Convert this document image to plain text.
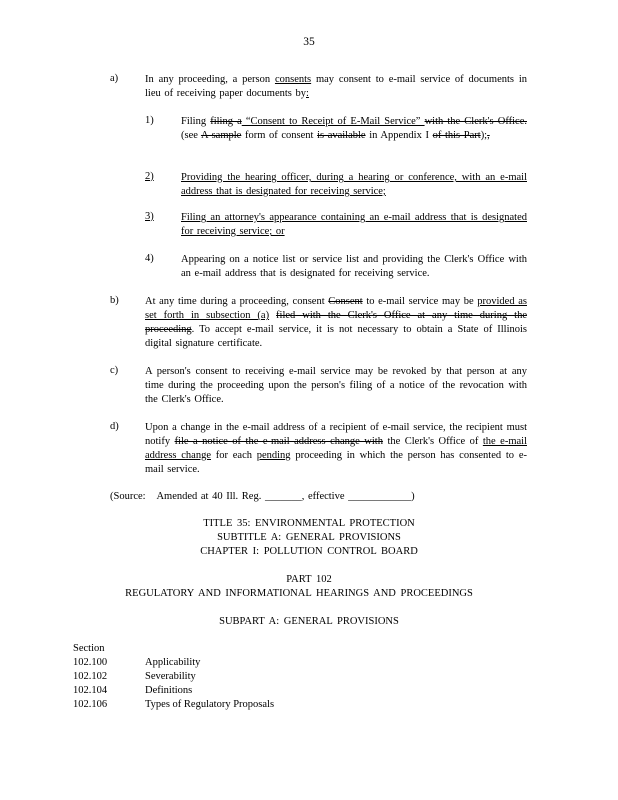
35
a)	In any proceeding, a person consents may consent to e-mail service of documents in lieu of receiving paper documents by:
1)	Filing filing a “Consent to Receipt of E-Mail Service” with the Clerk's Office. (see A sample form of consent is available in Appendix I of this Part);,
2)	Providing the hearing officer, during a hearing or conference, with an e-mail address that is designated for receiving service;
3)	Filing an attorney's appearance containing an e-mail address that is designated for receiving service; or
4)	Appearing on a notice list or service list and providing the Clerk's Office with an e-mail address that is designated for receiving service.
b)	At any time during a proceeding, consent Consent to e-mail service may be provided as set forth in subsection (a) filed with the Clerk's Office at any time during the proceeding. To accept e-mail service, it is not necessary to obtain a State of Illinois digital signature certificate.
c)	A person's consent to receiving e-mail service may be revoked by that person at any time during the proceeding upon the person's filing of a notice of the revocation with the Clerk's Office.
d)	Upon a change in the e-mail address of a recipient of e-mail service, the recipient must notify file a notice of the e-mail address change with the Clerk's Office of the e-mail address change for each pending proceeding in which the person has consented to e-mail service.
(Source: Amended at 40 Ill. Reg. _______, effective ____________)
TITLE 35: ENVIRONMENTAL PROTECTION
SUBTITLE A: GENERAL PROVISIONS
CHAPTER I: POLLUTION CONTROL BOARD
PART 102
REGULATORY AND INFORMATIONAL HEARINGS AND PROCEEDINGS
SUBPART A: GENERAL PROVISIONS
Section
102.100	Applicability
102.102	Severability
102.104	Definitions
102.106	Types of Regulatory Proposals
